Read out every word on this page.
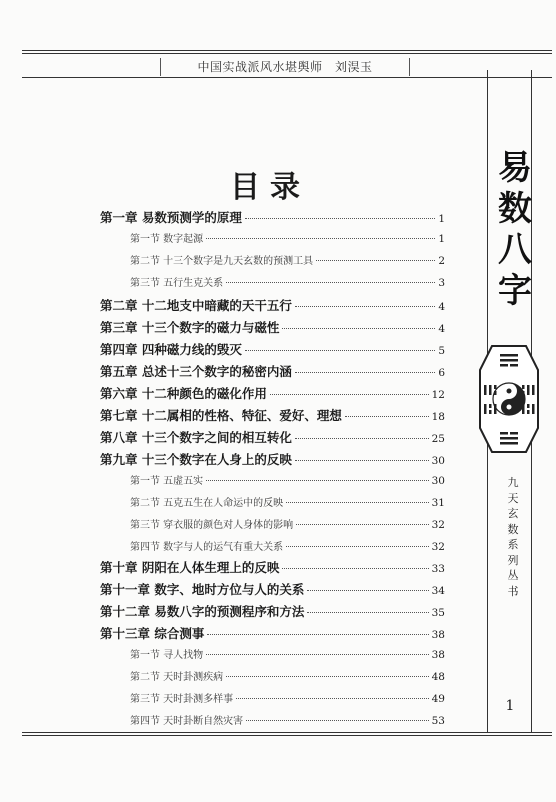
中国实战派风水堪舆师　刘淏玉
目录
第一章 易数预测学的原理	1
第一节 数字起源	1
第二节 十三个数字是九天玄数的预测工具	2
第三节 五行生克关系	3
第二章 十二地支中暗藏的天干五行	4
第三章 十三个数字的磁力与磁性	4
第四章 四种磁力线的毁灭	5
第五章 总述十三个数字的秘密内涵	6
第六章 十二种颜色的磁化作用	12
第七章 十二属相的性格、特征、爱好、理想	18
第八章 十三个数字之间的相互转化	25
第九章 十三个数字在人身上的反映	30
第一节 五虚五实	30
第二节 五克五生在人命运中的反映	31
第三节 穿衣服的颜色对人身体的影响	32
第四节 数字与人的运气有重大关系	32
第十章 阴阳在人体生理上的反映	33
第十一章 数字、地时方位与人的关系	34
第十二章 易数八字的预测程序和方法	35
第十三章 综合测事	38
第一节 寻人找物	38
第二节 天时卦测疾病	48
第三节 天时卦测多样事	49
第四节 天时卦断自然灾害	53
易
数
八
字
九
天
玄
数
系
列
丛
书
1
